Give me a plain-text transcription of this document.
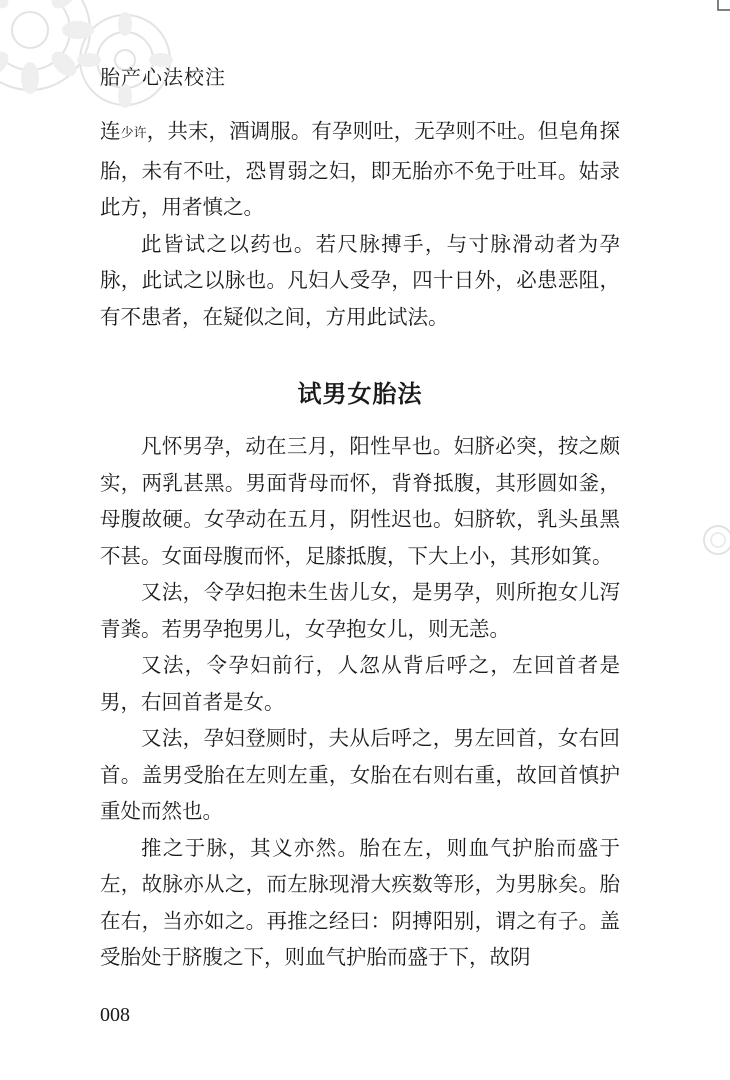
胎产心法校注

连少许，共末，酒调服。有孕则吐，无孕则不吐。但皂角探胎，未有不吐，恐胃弱之妇，即无胎亦不免于吐耳。姑录此方，用者慎之。

此皆试之以药也。若尺脉搏手，与寸脉滑动者为孕脉，此试之以脉也。凡妇人受孕，四十日外，必患恶阻，有不患者，在疑似之间，方用此试法。

试男女胎法

凡怀男孕，动在三月，阳性早也。妇脐必突，按之颇实，两乳甚黑。男面背母而怀，背脊抵腹，其形圆如釜，母腹故硬。女孕动在五月，阴性迟也。妇脐软，乳头虽黑不甚。女面母腹而怀，足膝抵腹，下大上小，其形如箕。

又法，令孕妇抱未生齿儿女，是男孕，则所抱女儿泻青粪。若男孕抱男儿，女孕抱女儿，则无恙。

又法，令孕妇前行，人忽从背后呼之，左回首者是男，右回首者是女。

又法，孕妇登厕时，夫从后呼之，男左回首，女右回首。盖男受胎在左则左重，女胎在右则右重，故回首慎护重处而然也。

推之于脉，其义亦然。胎在左，则血气护胎而盛于左，故脉亦从之，而左脉现滑大疾数等形，为男脉矣。胎在右，当亦如之。再推之经曰：阴搏阳别，谓之有子。盖受胎处于脐腹之下，则血气护胎而盛于下，故阴

008
